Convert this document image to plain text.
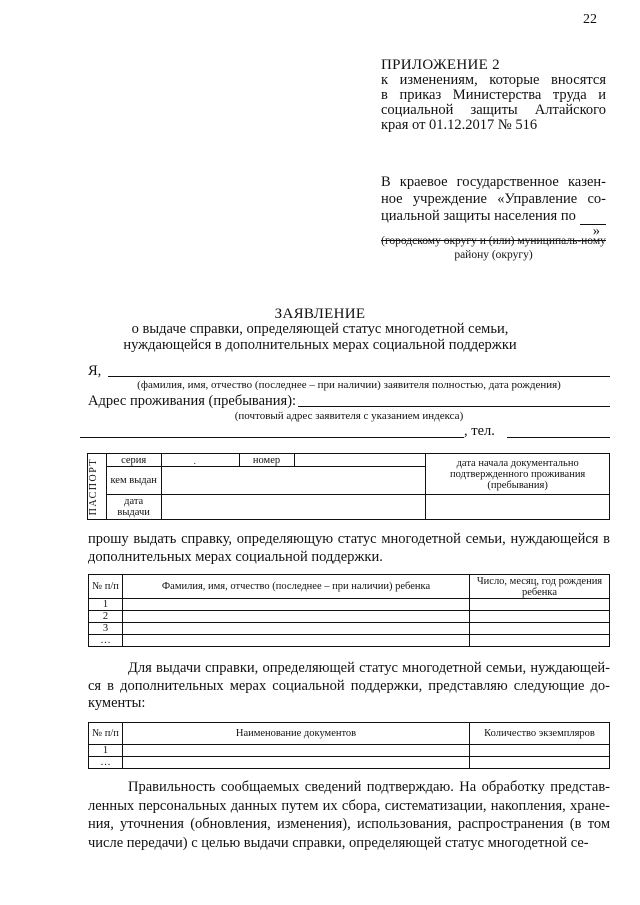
22
ПРИЛОЖЕНИЕ 2
к изменениям, которые вносятся
в приказ Министерства труда и
социальной защиты Алтайского
края от 01.12.2017 № 516
В краевое государственное казен-
ное учреждение «Управление со-
циальной защиты населения по
»
(городскому округу и (или) муниципаль-ному району (округу)
ЗАЯВЛЕНИЕ
о выдаче справки, определяющей статус многодетной семьи,
нуждающейся в дополнительных мерах социальной поддержки
Я,
(фамилия, имя, отчество (последнее – при наличии) заявителя полностью, дата рождения)
Адрес проживания (пребывания):
(почтовый адрес заявителя с указанием индекса)
, тел.
ПАСПОРТ	серия	.	номер		дата начала документально подтвержденного проживания (пребывания)
	кем выдан				
	дата выдачи				
прошу выдать справку, определяющую статус многодетной семьи, нуждающейся в дополнительных мерах социальной поддержки.
№ п/п	Фамилия, имя, отчество (последнее – при наличии) ребенка	Число, месяц, год рождения ребенка
1		
2		
3		
…		
Для выдачи справки, определяющей статус многодетной семьи, нуждающей-ся в дополнительных мерах социальной поддержки, представляю следующие до-кументы:
№ п/п	Наименование документов	Количество экземпляров
1		
…		
Правильность сообщаемых сведений подтверждаю. На обработку представ-ленных персональных данных путем их сбора, систематизации, накопления, хране-ния, уточнения (обновления, изменения), использования, распространения (в том числе передачи) с целью выдачи справки, определяющей статус многодетной се-
